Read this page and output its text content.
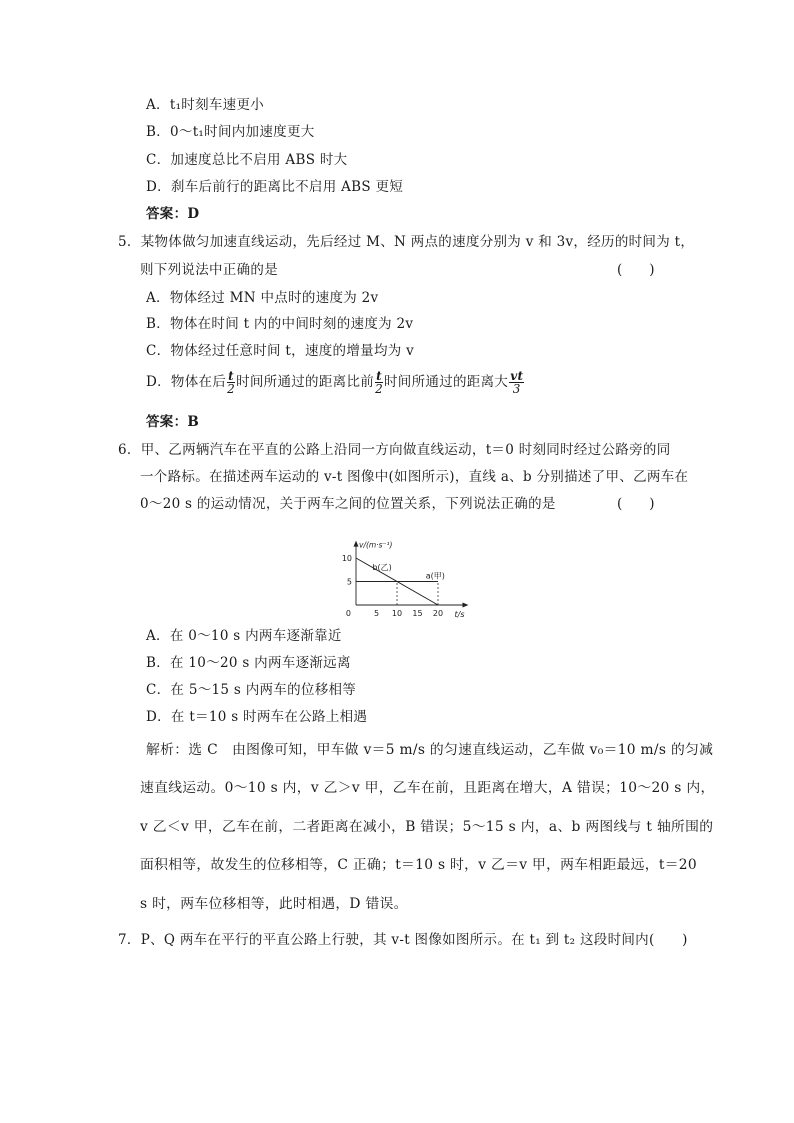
A．t₁时刻车速更小
B．0～t₁时间内加速度更大
C．加速度总比不启用 ABS 时大
D．刹车后前行的距离比不启用 ABS 更短
答案：D
5．某物体做匀加速直线运动，先后经过 M、N 两点的速度分别为 v 和 3v，经历的时间为 t，
则下列说法中正确的是	(　　)
A．物体经过 MN 中点时的速度为 2v
B．物体在时间 t 内的中间时刻的速度为 2v
C．物体经过任意时间 t，速度的增量均为 v
D．物体在后 $\frac{t}{2}$ 时间所通过的距离比前 $\frac{t}{2}$ 时间所通过的距离大 $\frac{vt}{3}$
答案：B
6．甲、乙两辆汽车在平直的公路上沿同一方向做直线运动，t＝0 时刻同时经过公路旁的同
一个路标。在描述两车运动的 v-t 图像中(如图所示)，直线 a、b 分别描述了甲、乙两车在
0～20 s 的运动情况，关于两车之间的位置关系，下列说法正确的是	(　　)
5 10 15 20
10
5
0
v/(m·s⁻¹)
t/s
a(甲)
b(乙)
A．在 0～10 s 内两车逐渐靠近
B．在 10～20 s 内两车逐渐远离
C．在 5～15 s 内两车的位移相等
D．在 t＝10 s 时两车在公路上相遇
解析：选 C　由图像可知，甲车做 v＝5 m/s 的匀速直线运动，乙车做 v₀＝10 m/s 的匀减
速直线运动。0～10 s 内，v 乙＞v 甲，乙车在前，且距离在增大，A 错误；10～20 s 内，
v 乙＜v 甲，乙车在前，二者距离在减小，B 错误；5～15 s 内，a、b 两图线与 t 轴所围的
面积相等，故发生的位移相等，C 正确；t＝10 s 时，v 乙＝v 甲，两车相距最远，t＝20
s 时，两车位移相等，此时相遇，D 错误。
7．P、Q 两车在平行的平直公路上行驶，其 v-t 图像如图所示。在 t₁ 到 t₂ 这段时间内(　　)
